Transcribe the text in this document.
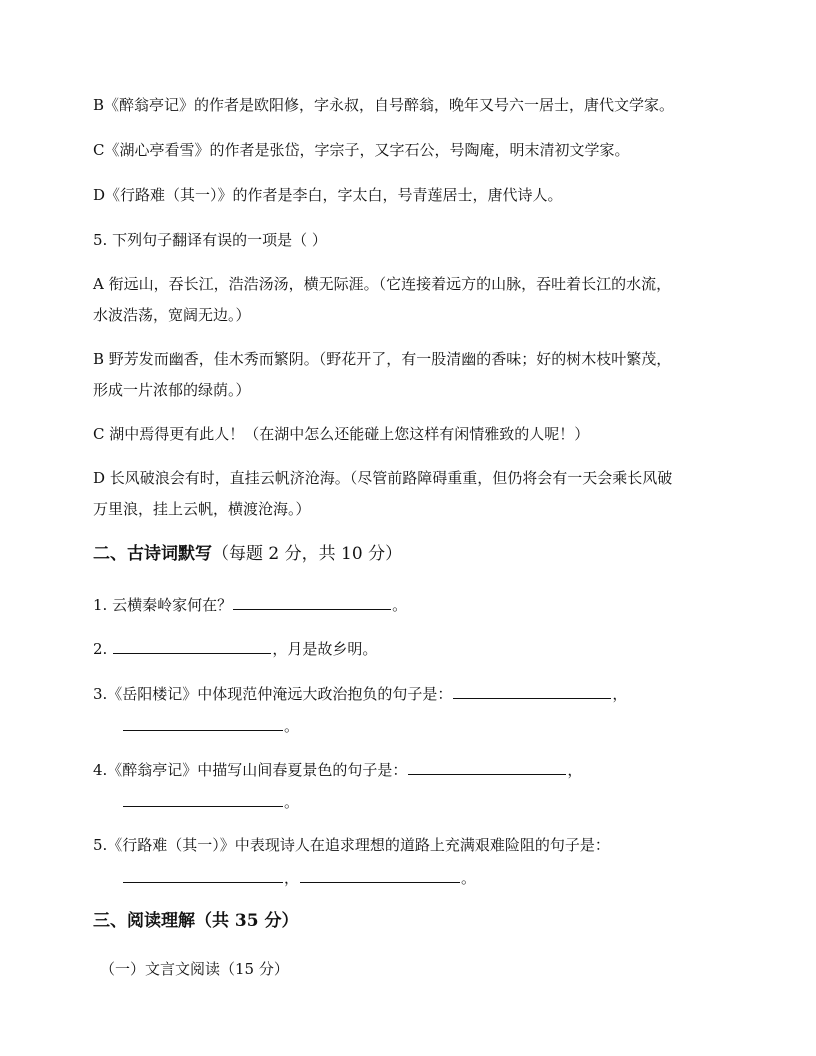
B《醉翁亭记》的作者是欧阳修，字永叔，自号醉翁，晚年又号六一居士，唐代文学家。
C《湖心亭看雪》的作者是张岱，字宗子，又字石公，号陶庵，明末清初文学家。
D《行路难（其一）》的作者是李白，字太白，号青莲居士，唐代诗人。
5. 下列句子翻译有误的一项是（ ）
A 衔远山，吞长江，浩浩汤汤，横无际涯。（它连接着远方的山脉，吞吐着长江的水流，
水波浩荡，宽阔无边。）
B 野芳发而幽香，佳木秀而繁阴。（野花开了，有一股清幽的香味；好的树木枝叶繁茂，
形成一片浓郁的绿荫。）
C 湖中焉得更有此人！（在湖中怎么还能碰上您这样有闲情雅致的人呢！）
D 长风破浪会有时，直挂云帆济沧海。（尽管前路障碍重重，但仍将会有一天会乘长风破
万里浪，挂上云帆，横渡沧海。）
二、古诗词默写（每题 2 分，共 10 分）
1. 云横秦岭家何在？	。
2.	，月是故乡明。
3.《岳阳楼记》中体现范仲淹远大政治抱负的句子是：	，
。
4.《醉翁亭记》中描写山间春夏景色的句子是：	，
。
5.《行路难（其一）》中表现诗人在追求理想的道路上充满艰难险阻的句子是：
，	。
三、阅读理解（共 35 分）
（一）文言文阅读（15 分）
